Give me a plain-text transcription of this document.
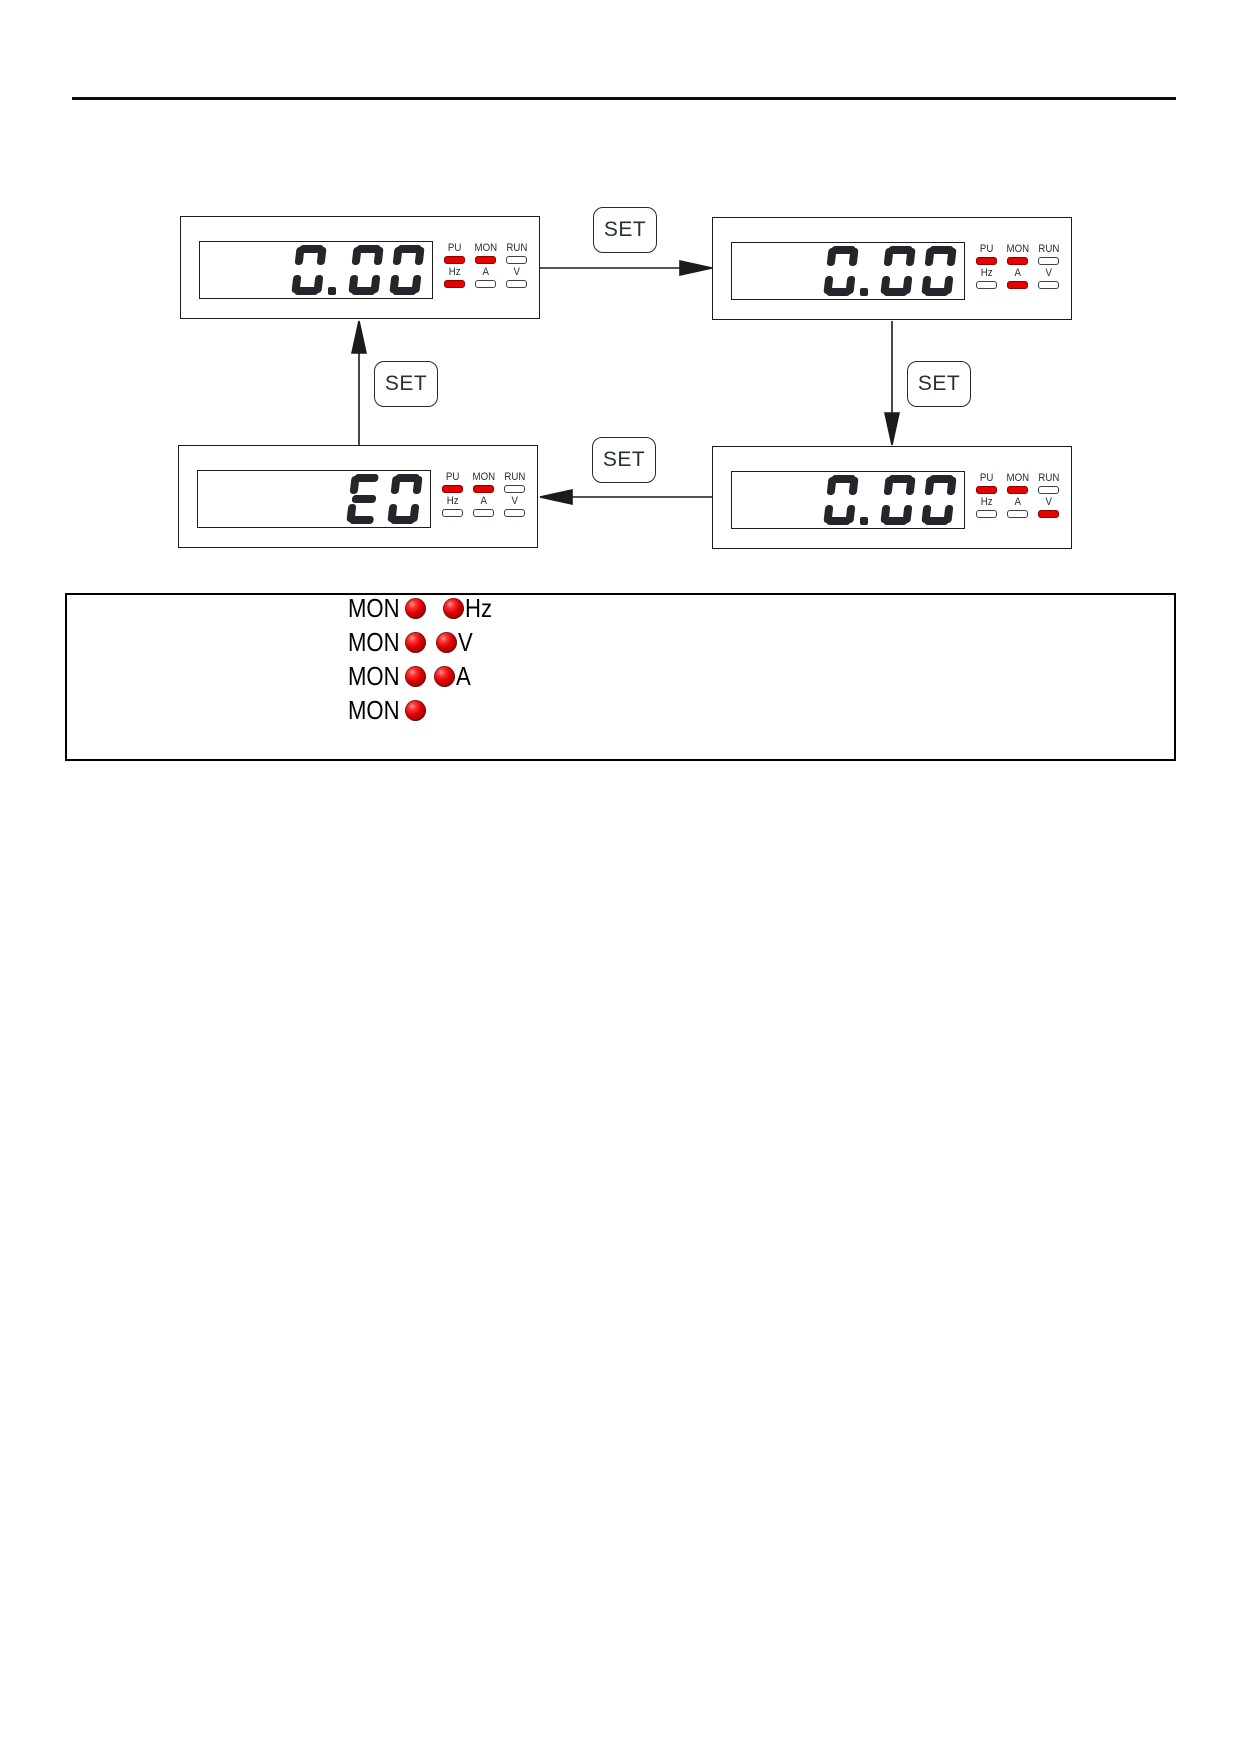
PU MON RUN
Hz A V
PU MON RUN
Hz A V
PU MON RUN
Hz A V
PU MON RUN
Hz A V
SET
SET
SET
SET
MON	Hz
MON V
MON A
MON
